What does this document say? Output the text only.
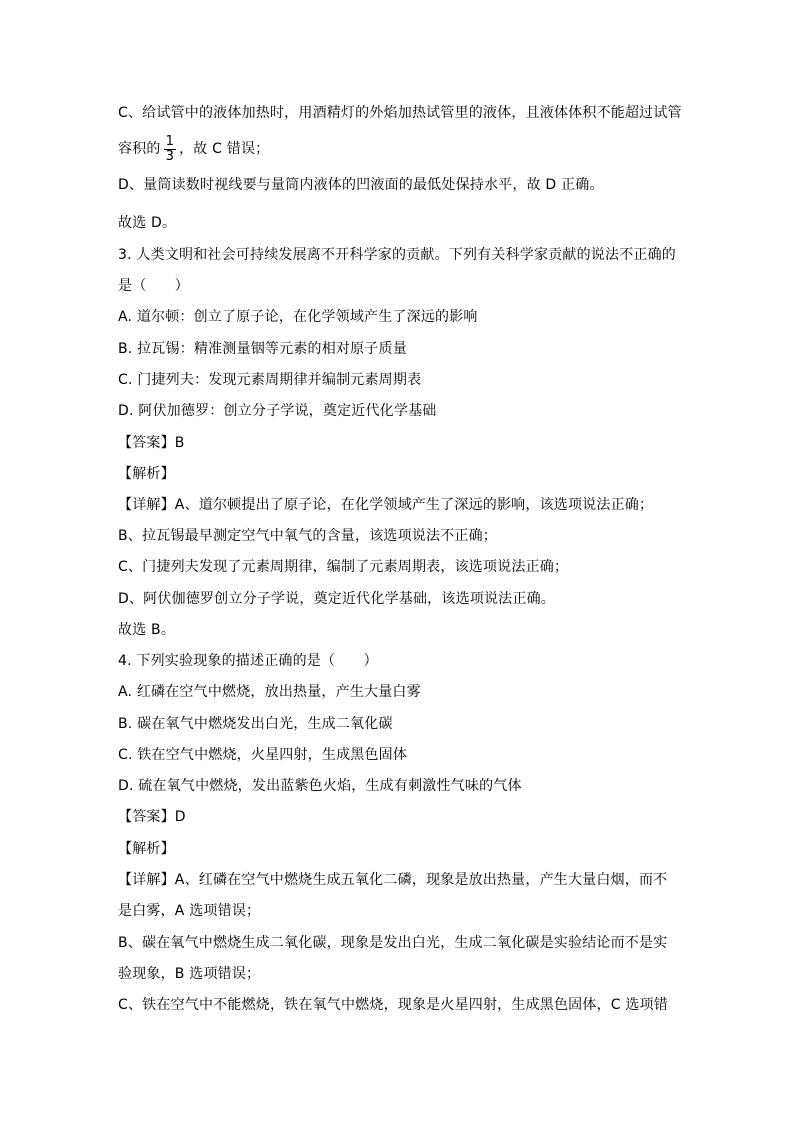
C、给试管中的液体加热时，用酒精灯的外焰加热试管里的液体，且液体体积不能超过试管
容积的 $\frac{1}{3}$ ，故 C 错误；
D、量筒读数时视线要与量筒内液体的凹液面的最低处保持水平，故 D 正确。
故选 D。
3. 人类文明和社会可持续发展离不开科学家的贡献。下列有关科学家贡献的说法不正确的
是（　　）
A. 道尔顿：创立了原子论，在化学领域产生了深远的影响
B. 拉瓦锡：精准测量铟等元素的相对原子质量
C. 门捷列夫：发现元素周期律并编制元素周期表
D. 阿伏加德罗：创立分子学说，奠定近代化学基础
【答案】B
【解析】
【详解】A、道尔顿提出了原子论，在化学领域产生了深远的影响，该选项说法正确；
B、拉瓦锡最早测定空气中氧气的含量，该选项说法不正确；
C、门捷列夫发现了元素周期律，编制了元素周期表，该选项说法正确；
D、阿伏伽德罗创立分子学说，奠定近代化学基础，该选项说法正确。
故选 B。
4. 下列实验现象的描述正确的是（　　）
A. 红磷在空气中燃烧，放出热量，产生大量白雾
B. 碳在氧气中燃烧发出白光，生成二氧化碳
C. 铁在空气中燃烧，火星四射，生成黑色固体
D. 硫在氧气中燃烧，发出蓝紫色火焰，生成有刺激性气味的气体
【答案】D
【解析】
【详解】A、红磷在空气中燃烧生成五氧化二磷，现象是放出热量，产生大量白烟，而不
是白雾，A 选项错误；
B、碳在氧气中燃烧生成二氧化碳，现象是发出白光，生成二氧化碳是实验结论而不是实
验现象，B 选项错误；
C、铁在空气中不能燃烧，铁在氧气中燃烧，现象是火星四射，生成黑色固体，C 选项错
